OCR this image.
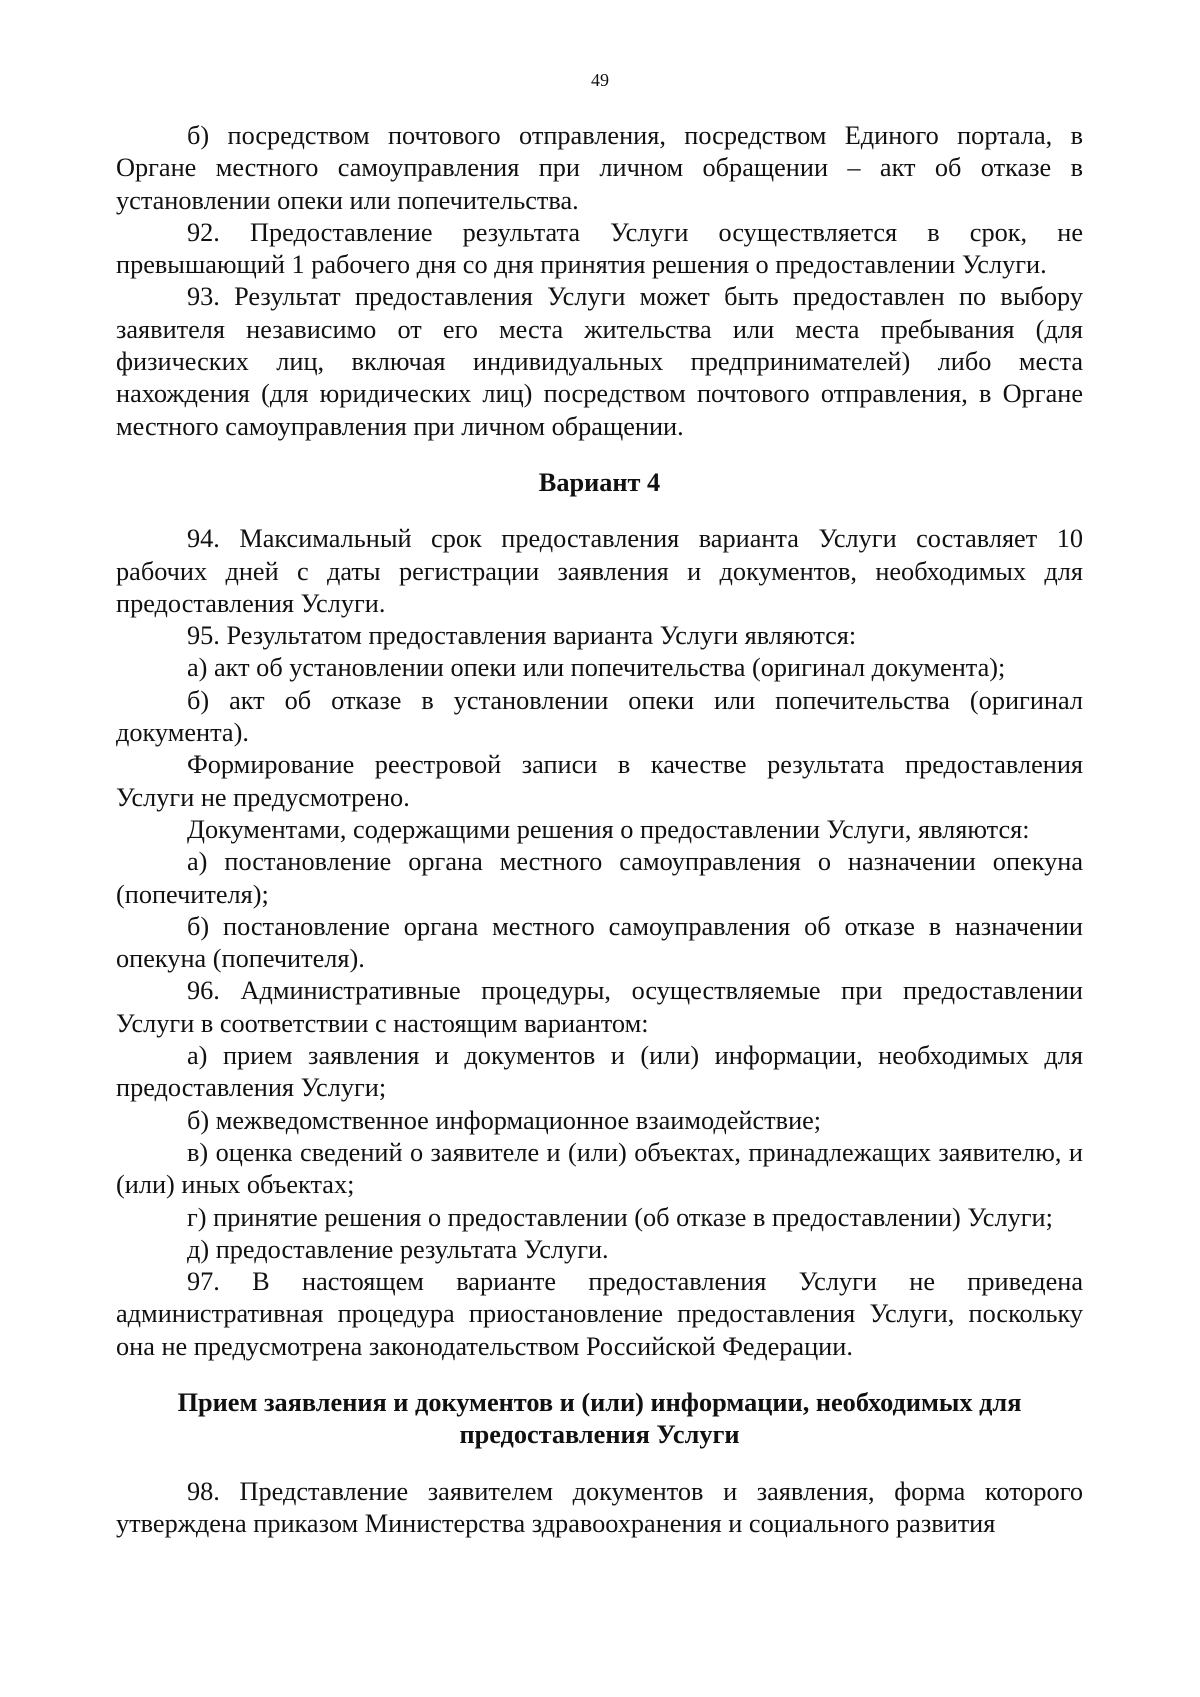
49

б) посредством почтового отправления, посредством Единого портала, в Органе местного самоуправления при личном обращении – акт об отказе в установлении опеки или попечительства.

92. Предоставление результата Услуги осуществляется в срок, не превышающий 1 рабочего дня со дня принятия решения о предоставлении Услуги.

93. Результат предоставления Услуги может быть предоставлен по выбору заявителя независимо от его места жительства или места пребывания (для физических лиц, включая индивидуальных предпринимателей) либо места нахождения (для юридических лиц) посредством почтового отправления, в Органе местного самоуправления при личном обращении.

Вариант 4

94. Максимальный срок предоставления варианта Услуги составляет 10 рабочих дней с даты регистрации заявления и документов, необходимых для предоставления Услуги.

95. Результатом предоставления варианта Услуги являются:

а) акт об установлении опеки или попечительства (оригинал документа);

б) акт об отказе в установлении опеки или попечительства (оригинал документа).

Формирование реестровой записи в качестве результата предоставления Услуги не предусмотрено.

Документами, содержащими решения о предоставлении Услуги, являются:

а) постановление органа местного самоуправления о назначении опекуна (попечителя);

б) постановление органа местного самоуправления об отказе в назначении опекуна (попечителя).

96. Административные процедуры, осуществляемые при предоставлении Услуги в соответствии с настоящим вариантом:

а) прием заявления и документов и (или) информации, необходимых для предоставления Услуги;

б) межведомственное информационное взаимодействие;

в) оценка сведений о заявителе и (или) объектах, принадлежащих заявителю, и (или) иных объектах;

г) принятие решения о предоставлении (об отказе в предоставлении) Услуги;

д) предоставление результата Услуги.

97. В настоящем варианте предоставления Услуги не приведена административная процедура приостановление предоставления Услуги, поскольку она не предусмотрена законодательством Российской Федерации.

Прием заявления и документов и (или) информации, необходимых для
предоставления Услуги

98. Представление заявителем документов и заявления, форма которого утверждена приказом Министерства здравоохранения и социального развития
